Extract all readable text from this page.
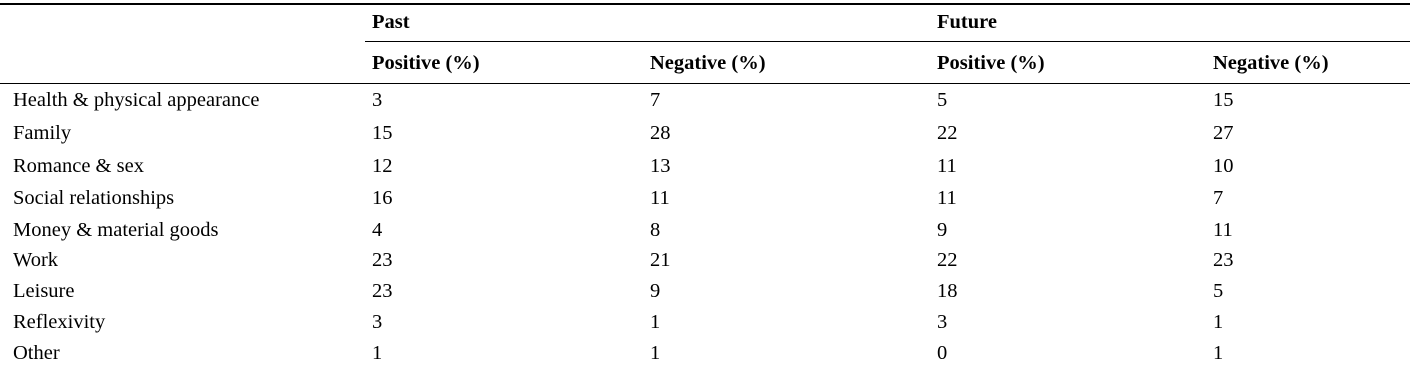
Past	Future
Positive (%)	Negative (%)	Positive (%)	Negative (%)
Health & physical appearance	3	7	5	15
Family	15	28	22	27
Romance & sex	12	13	11	10
Social relationships	16	11	11	7
Money & material goods	4	8	9	11
Work	23	21	22	23
Leisure	23	9	18	5
Reflexivity	3	1	3	1
Other	1	1	0	1
